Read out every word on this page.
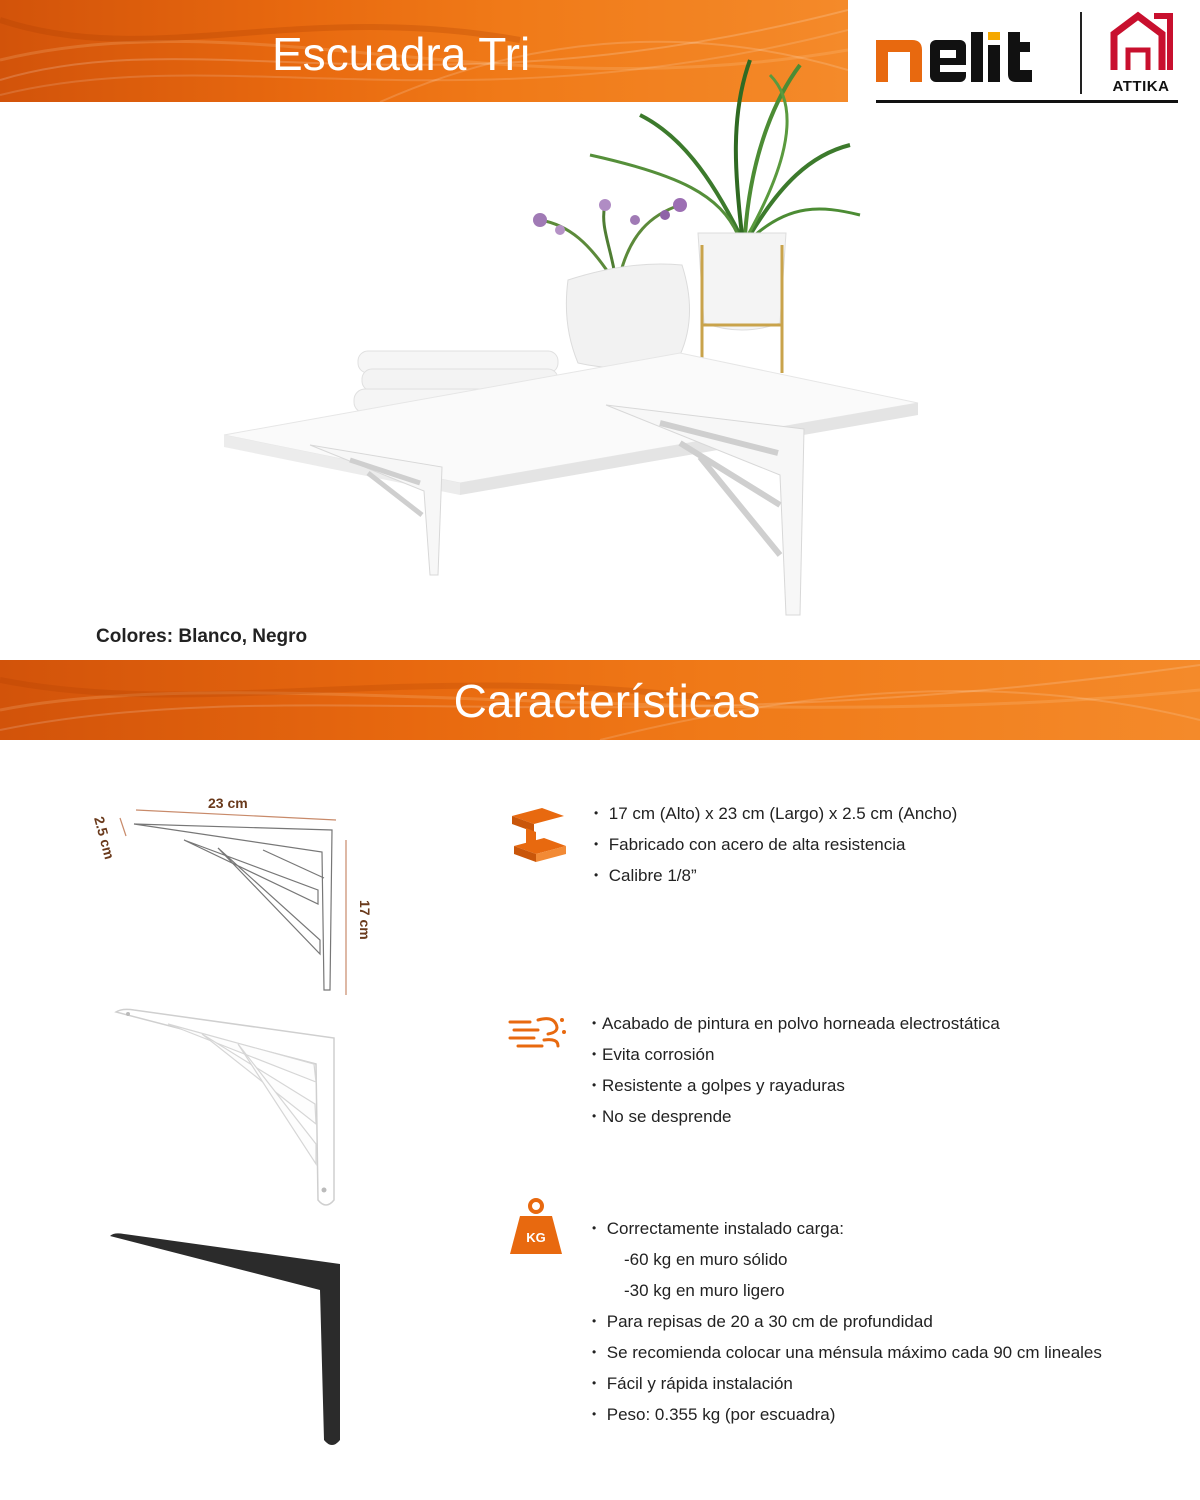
Escuadra Tri
ATTIKA
Colores: Blanco, Negro
Características
23 cm
2.5 cm
17 cm
KG
• 17 cm (Alto) x 23 cm (Largo) x 2.5 cm (Ancho)
• Fabricado con acero de alta resistencia
• Calibre 1/8”
• Acabado de pintura en polvo horneada electrostática
• Evita corrosión
• Resistente a golpes y rayaduras
• No se desprende
• Correctamente instalado carga:
-60 kg en muro sólido
-30 kg en muro ligero
• Para repisas de 20 a 30 cm de profundidad
• Se recomienda colocar una ménsula máximo cada 90 cm lineales
• Fácil y rápida instalación
• Peso: 0.355 kg (por escuadra)
